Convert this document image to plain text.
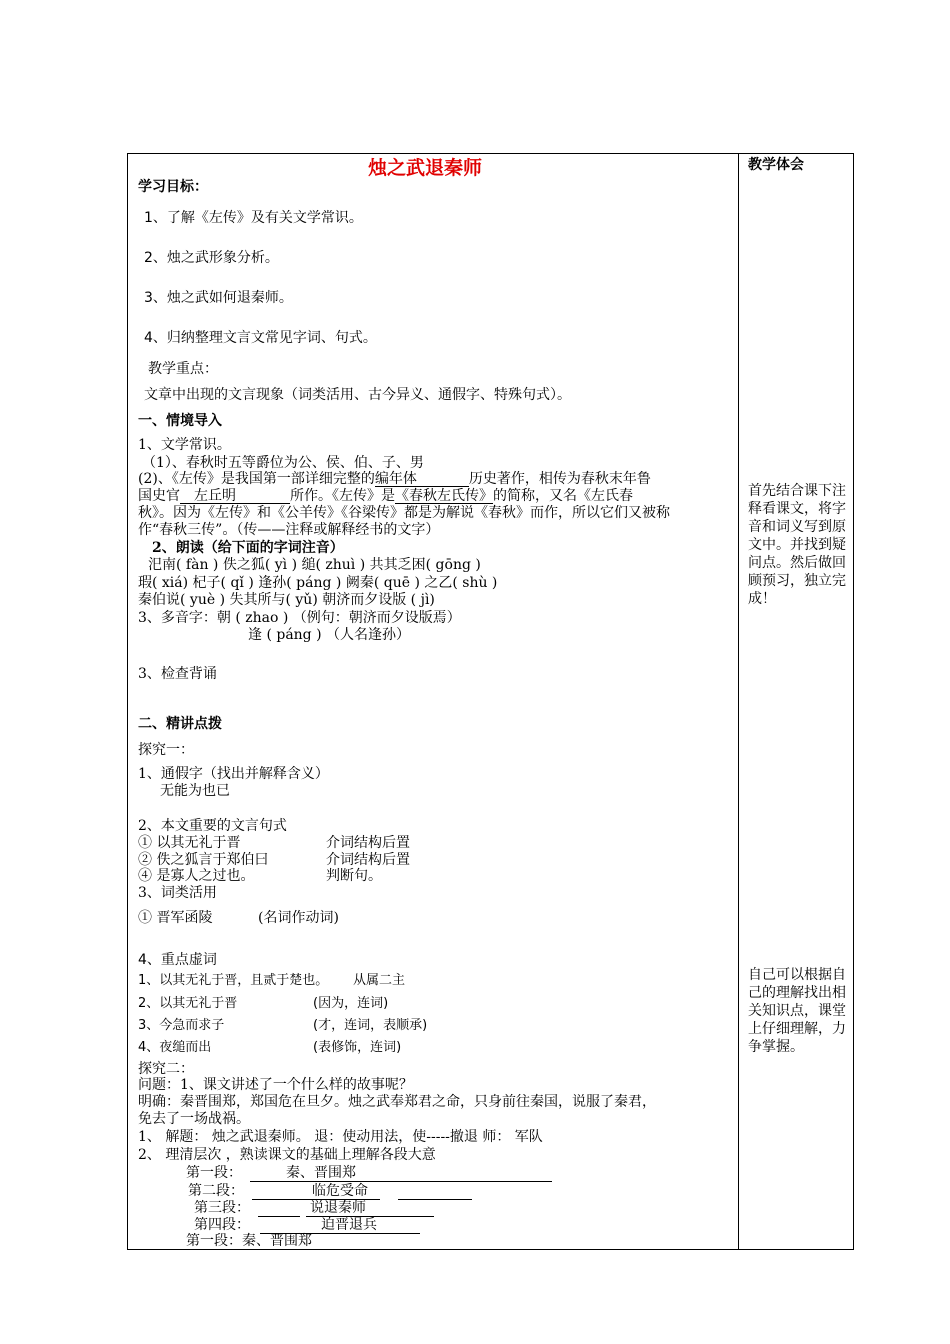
烛之武退秦师	教学体会
学习目标：
1、了解《左传》及有关文学常识。
2、烛之武形象分析。
3、烛之武如何退秦师。
4、归纳整理文言文常见字词、句式。
教学重点：
文章中出现的文言现象（词类活用、古今异义、通假字、特殊句式）。
一、情境导入
1、文学常识。
（1）、春秋时五等爵位为公、侯、伯、子、男
(2)、《左传》是我国第一部详细完整的编年体	历史著作，相传为春秋末年鲁
国史官 左丘明	所作。《左传》是《春秋左氏传》的简称，又名《左氏春
秋》。因为《左传》和《公羊传》《谷梁传》都是为解说《春秋》而作，所以它们又被称
作“春秋三传”。（传——注释或解释经书的文字）
2、朗读（给下面的字词注音）
汜南( fàn ) 佚之狐( yì ) 缒( zhuì ) 共其乏困( gōng )
瑕( xiá) 杞子( qǐ ) 逢孙( páng ) 阙秦( quē ) 之乙( shù )
秦伯说( yuè ) 失其所与( yǔ) 朝济而夕设版 ( jì)
3、多音字：朝 ( zhao ) （例句：朝济而夕设版焉）
逢 ( páng ) （人名逢孙）
3、检查背诵
二、精讲点拨
探究一：
1、通假字（找出并解释含义）
无能为也已
2、本文重要的文言句式
① 以其无礼于晋	介词结构后置
② 佚之狐言于郑伯曰	介词结构后置
④ 是寡人之过也。	判断句。
3、词类活用
① 晋军函陵	(名词作动词)
4、重点虚词
1、以其无礼于晋，且贰于楚也。 从属二主
2、以其无礼于晋	(因为，连词)
3、今急而求子	(才，连词，表顺承)
4、夜缒而出	(表修饰，连词)
探究二：
问题：1、课文讲述了一个什么样的故事呢？
明确：秦晋围郑，郑国危在旦夕。烛之武奉郑君之命，只身前往秦国，说服了秦君，
免去了一场战祸。
1、 解题： 烛之武退秦师。 退：使动用法，使-----撤退 师： 军队
2、 理清层次 ，熟读课文的基础上理解各段大意
第一段：	秦、晋围郑
第二段：	临危受命
第三段：	说退秦师
第四段：	迫晋退兵
第一段：秦、晋围郑
首先结合课下注释看课文，将字音和词义写到原文中。并找到疑问点。然后做回顾预习，独立完成！
自己可以根据自己的理解找出相关知识点，课堂上仔细理解，力争掌握。
